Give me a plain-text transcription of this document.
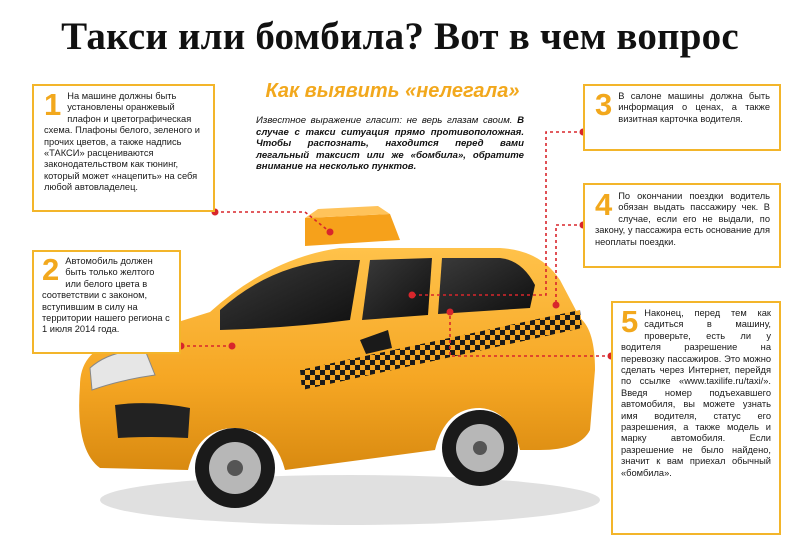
Такси или бомбила? Вот в чем вопрос
Как выявить «нелегала»
Известное выражение гласит: не верь глазам своим. В случае с такси ситуация прямо противоположная. Чтобы распознать, находится перед вами легальный таксист или же «бомбила», обратите внимание на несколько пунктов.
1 На машине должны быть установлены оранжевый плафон и цветографическая схема. Плафоны белого, зеленого и прочих цветов, а также надпись «ТАКСИ» расцениваются законодательством как тюнинг, который может «нацепить» на себя любой автовладелец.
2 Автомобиль должен быть только желтого или белого цвета в соответствии с законом, вступившим в силу на территории нашего региона с 1 июля 2014 года.
3 В салоне машины должна быть информация о ценах, а также визитная карточка водителя.
4 По окончании поездки водитель обязан выдать пассажиру чек. В случае, если его не выдали, по закону, у пассажира есть основание для неоплаты поездки.
5 Наконец, перед тем как садиться в машину, проверьте, есть ли у водителя разрешение на перевозку пассажиров. Это можно сделать через Интернет, перейдя по ссылке «www.taxilife.ru/taxi/». Введя номер подъехавшего автомобиля, вы можете узнать имя водителя, статус его разрешения, а также модель и марку автомобиля. Если разрешение не было найдено, значит к вам приехал обычный «бомбила».
